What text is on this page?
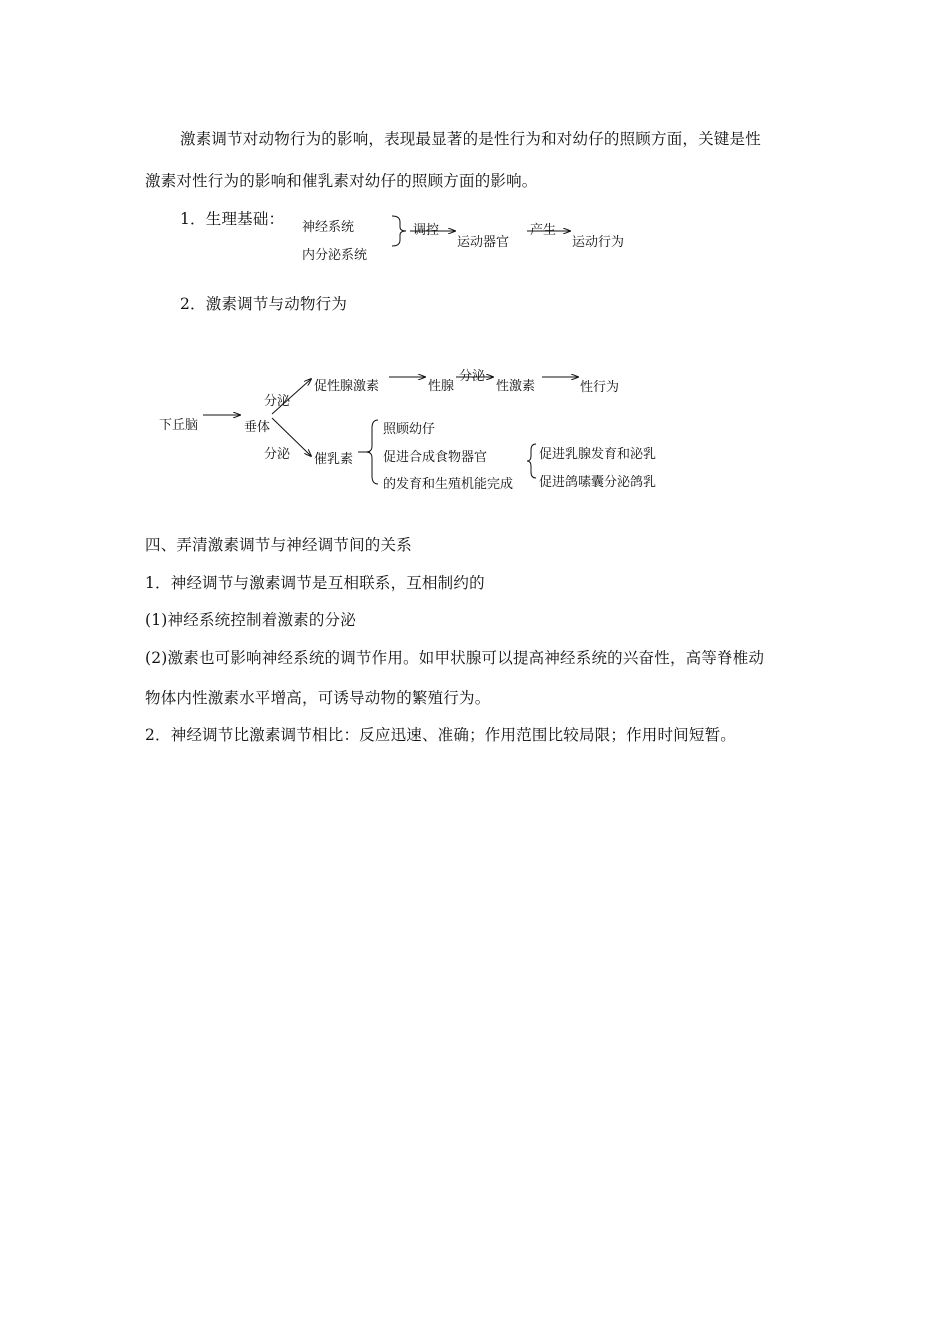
激素调节对动物行为的影响，表现最显著的是性行为和对幼仔的照顾方面，关键是性
激素对性行为的影响和催乳素对幼仔的照顾方面的影响。
1．生理基础： 神经系统
内分泌系统
调控
运动器官
产生
运动行为
2．激素调节与动物行为
下丘脑	垂体
分泌
分泌
促性腺激素	性腺
分泌
性激素	性行为
催乳素
照顾幼仔
促进合成食物器官
的发育和生殖机能完成
促进乳腺发育和泌乳
促进鸽嗉囊分泌鸽乳
四、弄清激素调节与神经调节间的关系
1．神经调节与激素调节是互相联系，互相制约的
(1)神经系统控制着激素的分泌
(2)激素也可影响神经系统的调节作用。如甲状腺可以提高神经系统的兴奋性，高等脊椎动
物体内性激素水平增高，可诱导动物的繁殖行为。
2．神经调节比激素调节相比：反应迅速、准确；作用范围比较局限；作用时间短暂。
